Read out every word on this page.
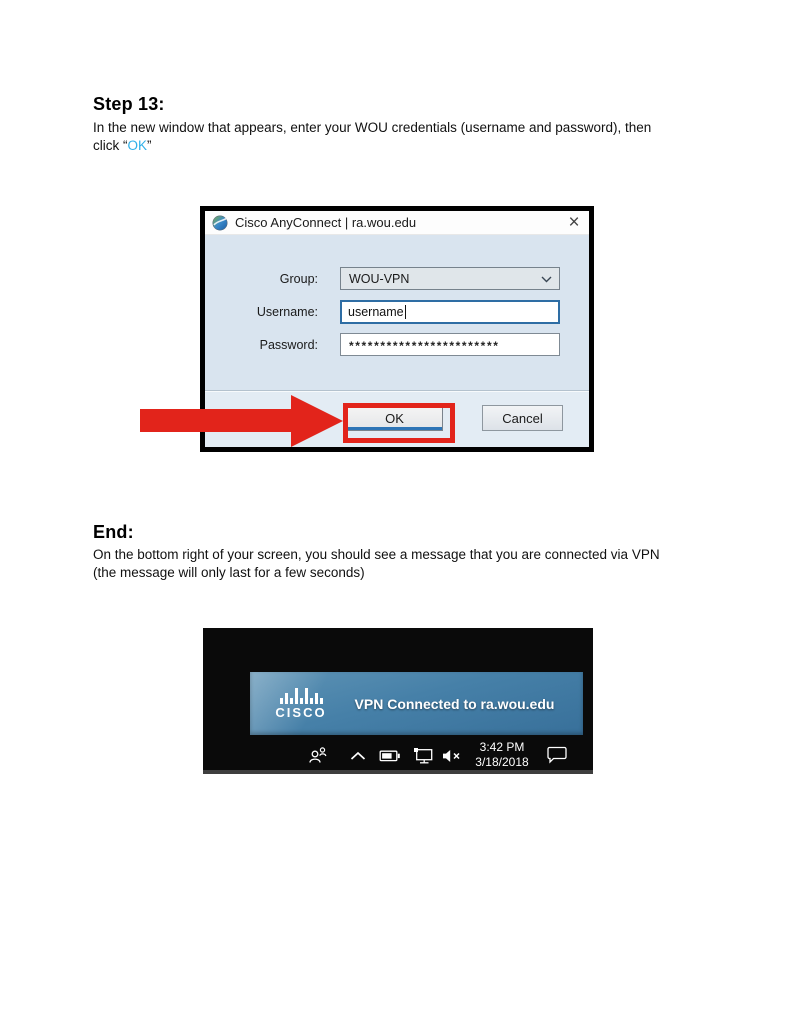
Step 13:
In the new window that appears, enter your WOU credentials (username and password), then
click “OK”
Cisco AnyConnect | ra.wou.edu	×
Group: WOU-VPN
Username: username
Password:	************************
OK	Cancel
End:
On the bottom right of your screen, you should see a message that you are connected via VPN
(the message will only last for a few seconds)
CISCO
VPN Connected to ra.wou.edu
3:42 PM
3/18/2018
